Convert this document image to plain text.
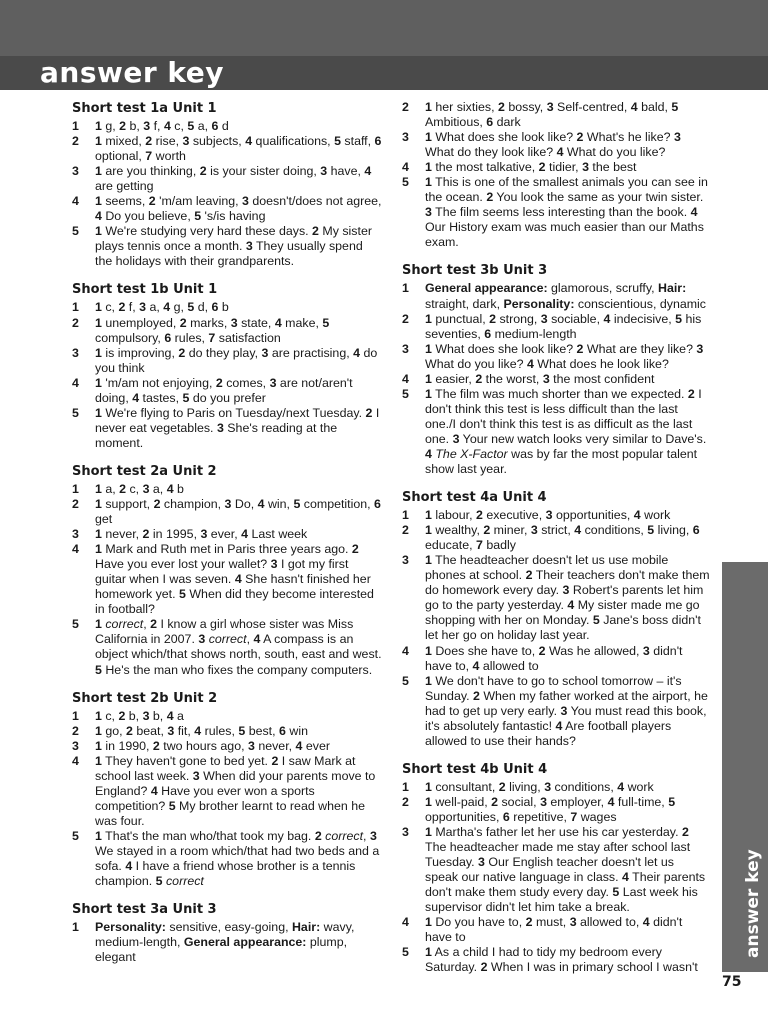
answer key
Short test 1a Unit 1
1	1 g, 2 b, 3 f, 4 c, 5 a, 6 d
2	1 mixed, 2 rise, 3 subjects, 4 qualifications, 5 staff, 6 optional, 7 worth
3	1 are you thinking, 2 is your sister doing, 3 have, 4 are getting
4	1 seems, 2 'm/am leaving, 3 doesn't/does not agree, 4 Do you believe, 5 's/is having
5	1 We're studying very hard these days. 2 My sister plays tennis once a month. 3 They usually spend the holidays with their grandparents.
Short test 1b Unit 1
1	1 c, 2 f, 3 a, 4 g, 5 d, 6 b
2	1 unemployed, 2 marks, 3 state, 4 make, 5 compulsory, 6 rules, 7 satisfaction
3	1 is improving, 2 do they play, 3 are practising, 4 do you think
4	1 'm/am not enjoying, 2 comes, 3 are not/aren't doing, 4 tastes, 5 do you prefer
5	1 We're flying to Paris on Tuesday/next Tuesday. 2 I never eat vegetables. 3 She's reading at the moment.
Short test 2a Unit 2
1	1 a, 2 c, 3 a, 4 b
2	1 support, 2 champion, 3 Do, 4 win, 5 competition, 6 get
3	1 never, 2 in 1995, 3 ever, 4 Last week
4	1 Mark and Ruth met in Paris three years ago. 2 Have you ever lost your wallet? 3 I got my first guitar when I was seven. 4 She hasn't finished her homework yet. 5 When did they become interested in football?
5	1 correct, 2 I know a girl whose sister was Miss California in 2007. 3 correct, 4 A compass is an object which/that shows north, south, east and west. 5 He's the man who fixes the company computers.
Short test 2b Unit 2
1	1 c, 2 b, 3 b, 4 a
2	1 go, 2 beat, 3 fit, 4 rules, 5 best, 6 win
3	1 in 1990, 2 two hours ago, 3 never, 4 ever
4	1 They haven't gone to bed yet. 2 I saw Mark at school last week. 3 When did your parents move to England? 4 Have you ever won a sports competition? 5 My brother learnt to read when he was four.
5	1 That's the man who/that took my bag. 2 correct, 3 We stayed in a room which/that had two beds and a sofa. 4 I have a friend whose brother is a tennis champion. 5 correct
Short test 3a Unit 3
1	Personality: sensitive, easy-going, Hair: wavy, medium-length, General appearance: plump, elegant
2	1 her sixties, 2 bossy, 3 Self-centred, 4 bald, 5 Ambitious, 6 dark
3	1 What does she look like? 2 What's he like? 3 What do they look like? 4 What do you like?
4	1 the most talkative, 2 tidier, 3 the best
5	1 This is one of the smallest animals you can see in the ocean. 2 You look the same as your twin sister. 3 The film seems less interesting than the book. 4 Our History exam was much easier than our Maths exam.
Short test 3b Unit 3
1	General appearance: glamorous, scruffy, Hair: straight, dark, Personality: conscientious, dynamic
2	1 punctual, 2 strong, 3 sociable, 4 indecisive, 5 his seventies, 6 medium-length
3	1 What does she look like? 2 What are they like? 3 What do you like? 4 What does he look like?
4	1 easier, 2 the worst, 3 the most confident
5	1 The film was much shorter than we expected. 2 I don't think this test is less difficult than the last one./I don't think this test is as difficult as the last one. 3 Your new watch looks very similar to Dave's. 4 The X-Factor was by far the most popular talent show last year.
Short test 4a Unit 4
1	1 labour, 2 executive, 3 opportunities, 4 work
2	1 wealthy, 2 miner, 3 strict, 4 conditions, 5 living, 6 educate, 7 badly
3	1 The headteacher doesn't let us use mobile phones at school. 2 Their teachers don't make them do homework every day. 3 Robert's parents let him go to the party yesterday. 4 My sister made me go shopping with her on Monday. 5 Jane's boss didn't let her go on holiday last year.
4	1 Does she have to, 2 Was he allowed, 3 didn't have to, 4 allowed to
5	1 We don't have to go to school tomorrow – it's Sunday. 2 When my father worked at the airport, he had to get up very early. 3 You must read this book, it's absolutely fantastic! 4 Are football players allowed to use their hands?
Short test 4b Unit 4
1	1 consultant, 2 living, 3 conditions, 4 work
2	1 well-paid, 2 social, 3 employer, 4 full-time, 5 opportunities, 6 repetitive, 7 wages
3	1 Martha's father let her use his car yesterday. 2 The headteacher made me stay after school last Tuesday. 3 Our English teacher doesn't let us speak our native language in class. 4 Their parents don't make them study every day. 5 Last week his supervisor didn't let him take a break.
4	1 Do you have to, 2 must, 3 allowed to, 4 didn't have to
5	1 As a child I had to tidy my bedroom every Saturday. 2 When I was in primary school I wasn't
answer key
75
